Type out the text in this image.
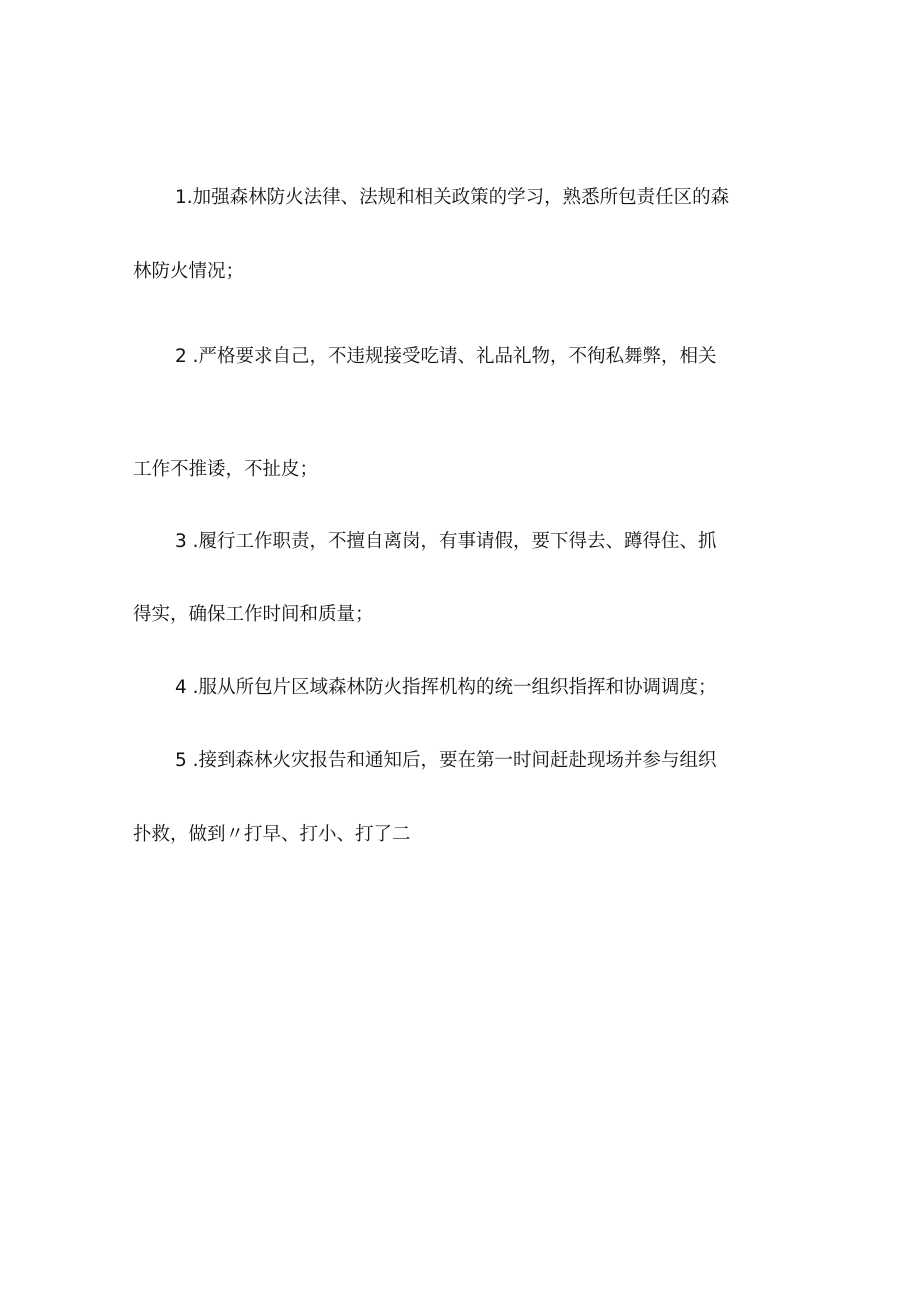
1.加强森林防火法律、法规和相关政策的学习，熟悉所包责任区的森
林防火情况；
2 .严格要求自己，不违规接受吃请、礼品礼物，不徇私舞弊，相关
工作不推诿，不扯皮；
3 .履行工作职责，不擅自离岗，有事请假，要下得去、蹲得住、抓
得实，确保工作时间和质量；
4 .服从所包片区域森林防火指挥机构的统一组织指挥和协调调度；
5 .接到森林火灾报告和通知后，要在第一时间赶赴现场并参与组织
扑救，做到〃打早、打小、打了二
